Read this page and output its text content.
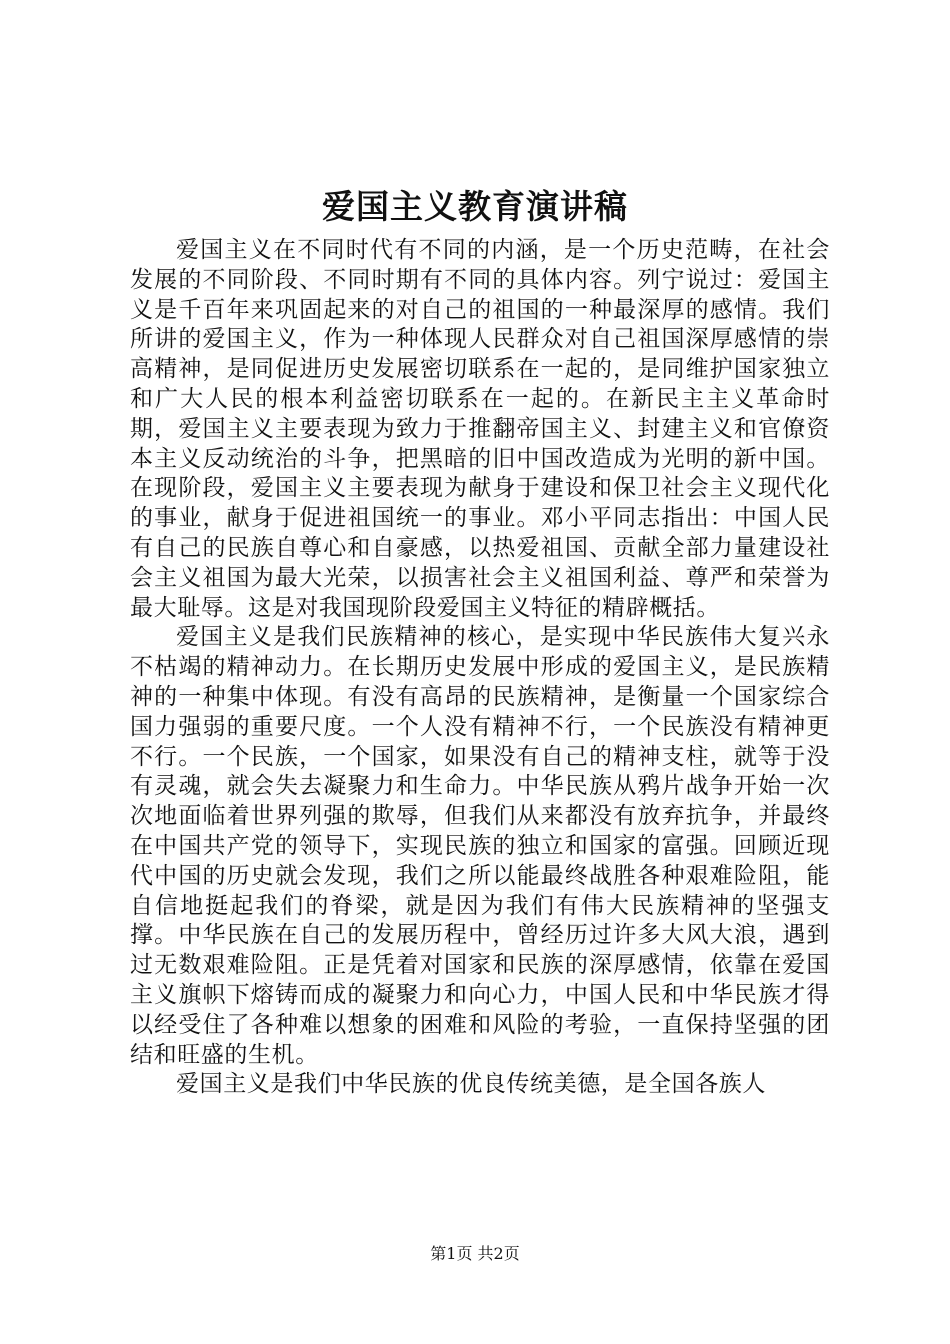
爱国主义教育演讲稿

爱国主义在不同时代有不同的内涵，是一个历史范畴，在社会发展的不同阶段、不同时期有不同的具体内容。列宁说过：爱国主义是千百年来巩固起来的对自己的祖国的一种最深厚的感情。我们所讲的爱国主义，作为一种体现人民群众对自己祖国深厚感情的崇高精神，是同促进历史发展密切联系在一起的，是同维护国家独立和广大人民的根本利益密切联系在一起的。在新民主主义革命时期，爱国主义主要表现为致力于推翻帝国主义、封建主义和官僚资本主义反动统治的斗争，把黑暗的旧中国改造成为光明的新中国。在现阶段，爱国主义主要表现为献身于建设和保卫社会主义现代化的事业，献身于促进祖国统一的事业。邓小平同志指出：中国人民有自己的民族自尊心和自豪感，以热爱祖国、贡献全部力量建设社会主义祖国为最大光荣，以损害社会主义祖国利益、尊严和荣誉为最大耻辱。这是对我国现阶段爱国主义特征的精辟概括。

爱国主义是我们民族精神的核心，是实现中华民族伟大复兴永不枯竭的精神动力。在长期历史发展中形成的爱国主义，是民族精神的一种集中体现。有没有高昂的民族精神，是衡量一个国家综合国力强弱的重要尺度。一个人没有精神不行，一个民族没有精神更不行。一个民族，一个国家，如果没有自己的精神支柱，就等于没有灵魂，就会失去凝聚力和生命力。中华民族从鸦片战争开始一次次地面临着世界列强的欺辱，但我们从来都没有放弃抗争，并最终在中国共产党的领导下，实现民族的独立和国家的富强。回顾近现代中国的历史就会发现，我们之所以能最终战胜各种艰难险阻，能自信地挺起我们的脊梁，就是因为我们有伟大民族精神的坚强支撑。中华民族在自己的发展历程中，曾经历过许多大风大浪，遇到过无数艰难险阻。正是凭着对国家和民族的深厚感情，依靠在爱国主义旗帜下熔铸而成的凝聚力和向心力，中国人民和中华民族才得以经受住了各种难以想象的困难和风险的考验，一直保持坚强的团结和旺盛的生机。

爱国主义是我们中华民族的优良传统美德，是全国各族人

第1页 共2页
